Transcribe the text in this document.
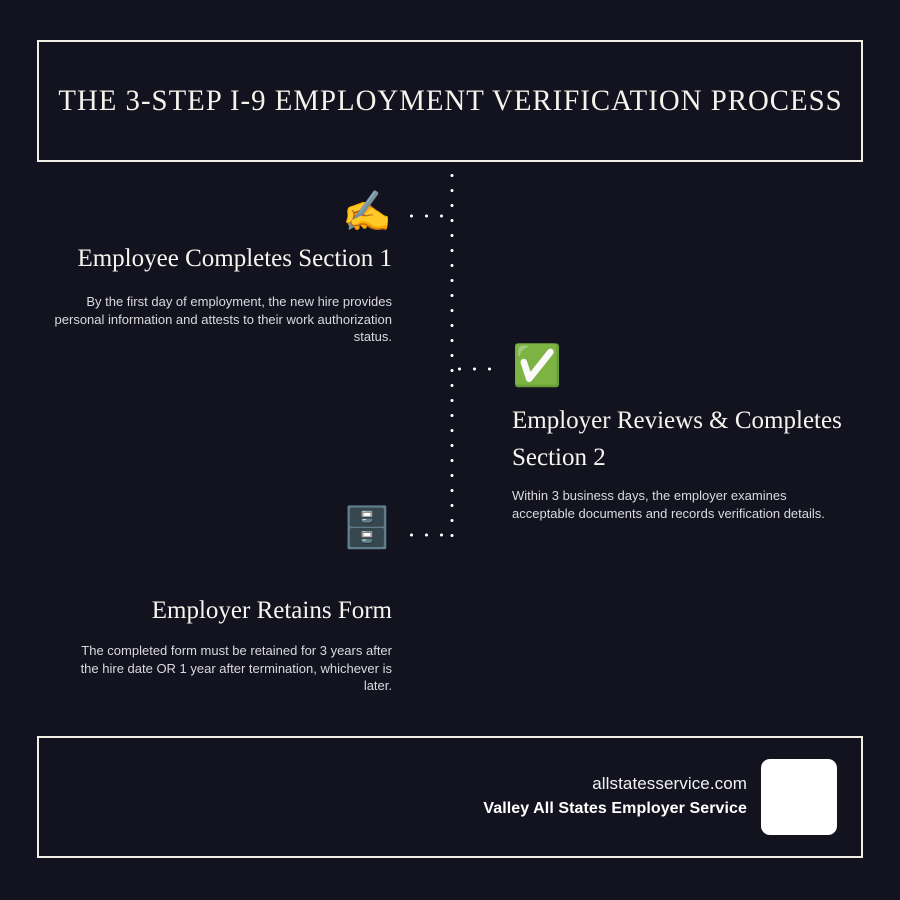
THE 3-STEP I-9 EMPLOYMENT VERIFICATION PROCESS
✍️
Employee Completes Section 1

By the first day of employment, the new hire provides personal information and attests to their work authorization status.

✅
Employer Reviews & Completes Section 2

Within 3 business days, the employer examines acceptable documents and records verification details.

🗄️
Employer Retains Form

The completed form must be retained for 3 years after the hire date OR 1 year after termination, whichever is later.

allstatesservice.com
Valley All States Employer Service
